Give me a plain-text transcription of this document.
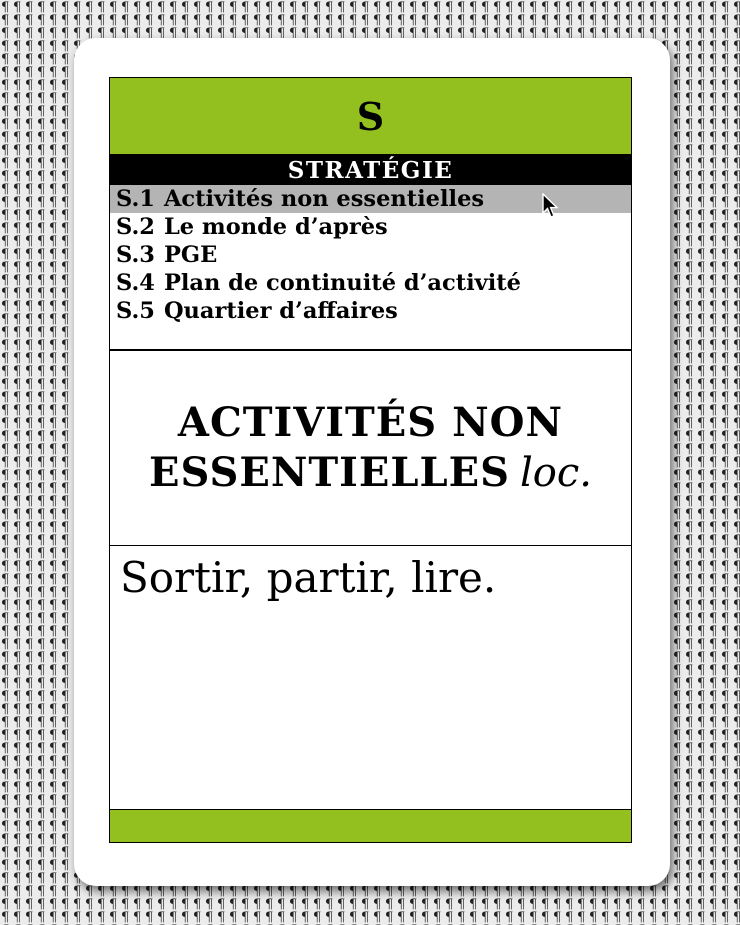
S
STRATÉGIE
S.1 Activités non essentielles
S.2 Le monde d’après
S.3 PGE
S.4 Plan de continuité d’activité
S.5 Quartier d’affaires
ACTIVITÉS NON
ESSENTIELLES loc.
Sortir, partir, lire.
